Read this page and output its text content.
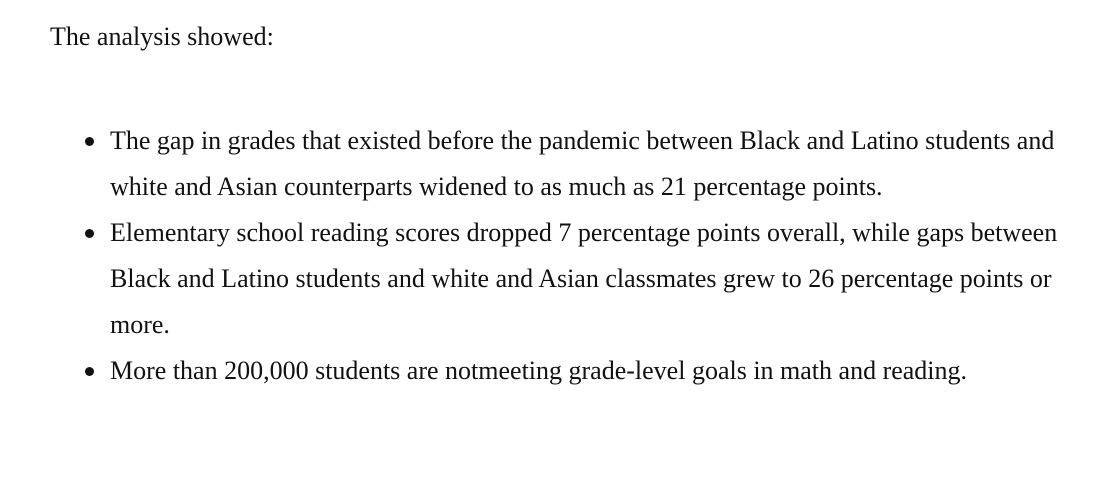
The analysis showed:

The gap in grades that existed before the pandemic between Black and Latino students and white and Asian counterparts widened to as much as 21 percentage points.
Elementary school reading scores dropped 7 percentage points overall, while gaps between Black and Latino students and white and Asian classmates grew to 26 percentage points or more.
More than 200,000 students are notmeeting grade-level goals in math and reading.
